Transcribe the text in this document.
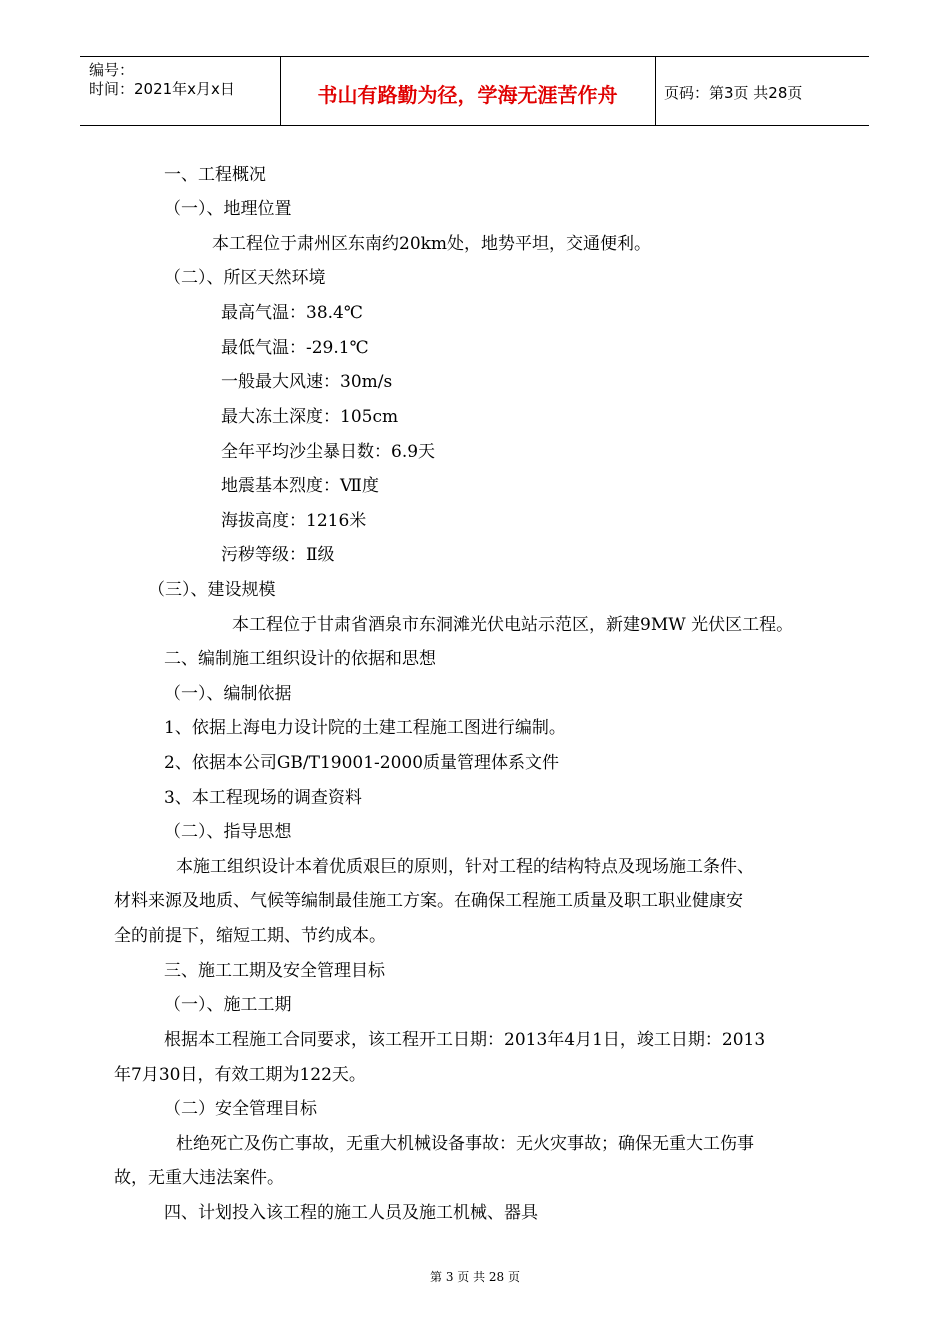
编号：
时间：2021年x月x日	书山有路勤为径，学海无涯苦作舟	页码：第3页 共28页
一、工程概况
（一）、地理位置
本工程位于肃州区东南约20km处，地势平坦，交通便利。
（二）、所区天然环境
最高气温：38.4℃
最低气温：-29.1℃
一般最大风速：30m/s
最大冻土深度：105cm
全年平均沙尘暴日数：6.9天
地震基本烈度：Ⅶ度
海拔高度：1216米
污秽等级：Ⅱ级
（三）、建设规模
本工程位于甘肃省酒泉市东洞滩光伏电站示范区，新建9MW 光伏区工程。
二、编制施工组织设计的依据和思想
（一）、编制依据
1、依据上海电力设计院的土建工程施工图进行编制。
2、依据本公司GB/T19001-2000质量管理体系文件
3、本工程现场的调查资料
（二）、指导思想
本施工组织设计本着优质艰巨的原则，针对工程的结构特点及现场施工条件、
材料来源及地质、气候等编制最佳施工方案。在确保工程施工质量及职工职业健康安
全的前提下，缩短工期、节约成本。
三、施工工期及安全管理目标
（一）、施工工期
根据本工程施工合同要求，该工程开工日期：2013年4月1日，竣工日期：2013
年7月30日，有效工期为122天。
（二）安全管理目标
杜绝死亡及伤亡事故，无重大机械设备事故：无火灾事故；确保无重大工伤事
故，无重大违法案件。
四、计划投入该工程的施工人员及施工机械、器具
第 3 页 共 28 页
